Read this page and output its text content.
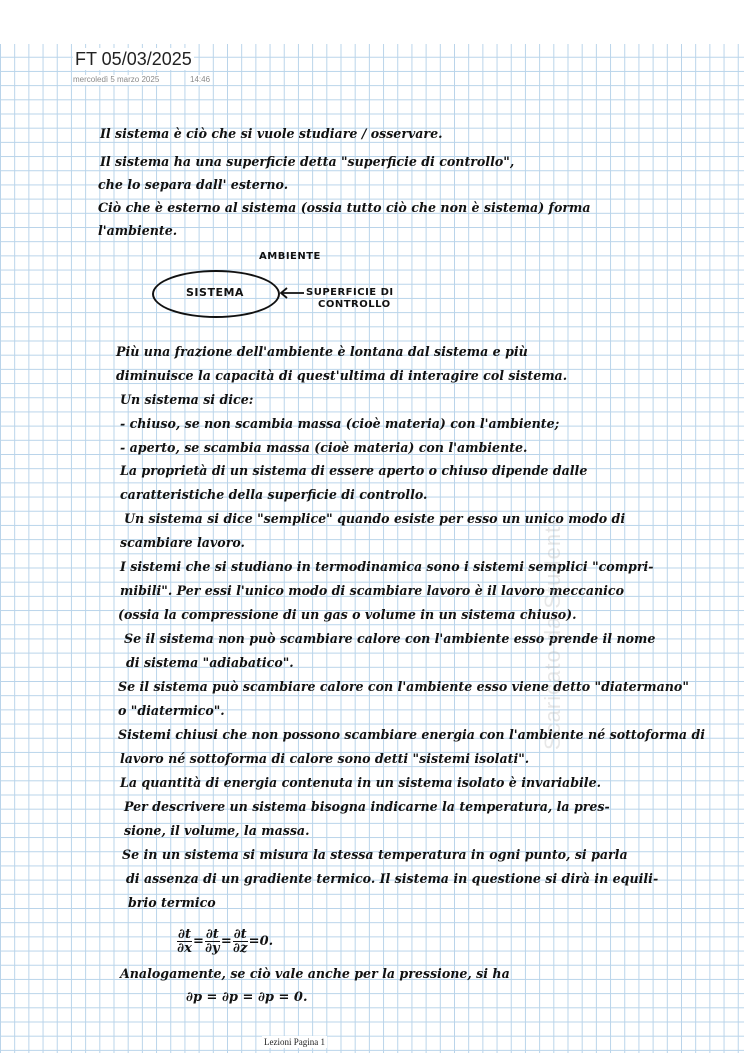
FT 05/03/2025
mercoledì 5 marzo 2025	14:46

Il sistema è ciò che si vuole studiare / osservare.

Il sistema ha una superficie detta "superficie di controllo",

che lo separa dall' esterno.

Ciò che è esterno al sistema (ossia tutto ciò che non è sistema) forma

l'ambiente.

AMBIENTE
SISTEMA	SUPERFICIE DI
CONTROLLO

Più una frazione dell'ambiente è lontana dal sistema e più

diminuisce la capacità di quest'ultima di interagire col sistema.

Un sistema si dice:

- chiuso, se non scambia massa (cioè materia) con l'ambiente;

- aperto, se scambia massa (cioè materia) con l'ambiente.

La proprietà di un sistema di essere aperto o chiuso dipende dalle

caratteristiche della superficie di controllo.

Un sistema si dice "semplice" quando esiste per esso un unico modo di

scambiare lavoro.

I sistemi che si studiano in termodinamica sono i sistemi semplici "compri-

mibili". Per essi l'unico modo di scambiare lavoro è il lavoro meccanico

(ossia la compressione di un gas o volume in un sistema chiuso).

Se il sistema non può scambiare calore con l'ambiente esso prende il nome

di sistema "adiabatico".

Se il sistema può scambiare calore con l'ambiente esso viene detto "diatermano"

o "diatermico".

Sistemi chiusi che non possono scambiare energia con l'ambiente né sottoforma di

lavoro né sottoforma di calore sono detti "sistemi isolati".

La quantità di energia contenuta in un sistema isolato è invariabile.

Per descrivere un sistema bisogna indicarne la temperatura, la pres-

sione, il volume, la massa.

Se in un sistema si misura la stessa temperatura in ogni punto, si parla

di assenza di un gradiente termico. Il sistema in questione si dirà in equili-

brio termico

$\frac{\partial t}{\partial x} = \frac{\partial t}{\partial y} = \frac{\partial t}{\partial z} =0$.

Analogamente, se ciò vale anche per la pressione, si ha

∂p = ∂p = ∂p = 0.
Scaricato da Studenti
Lezioni Pagina 1
